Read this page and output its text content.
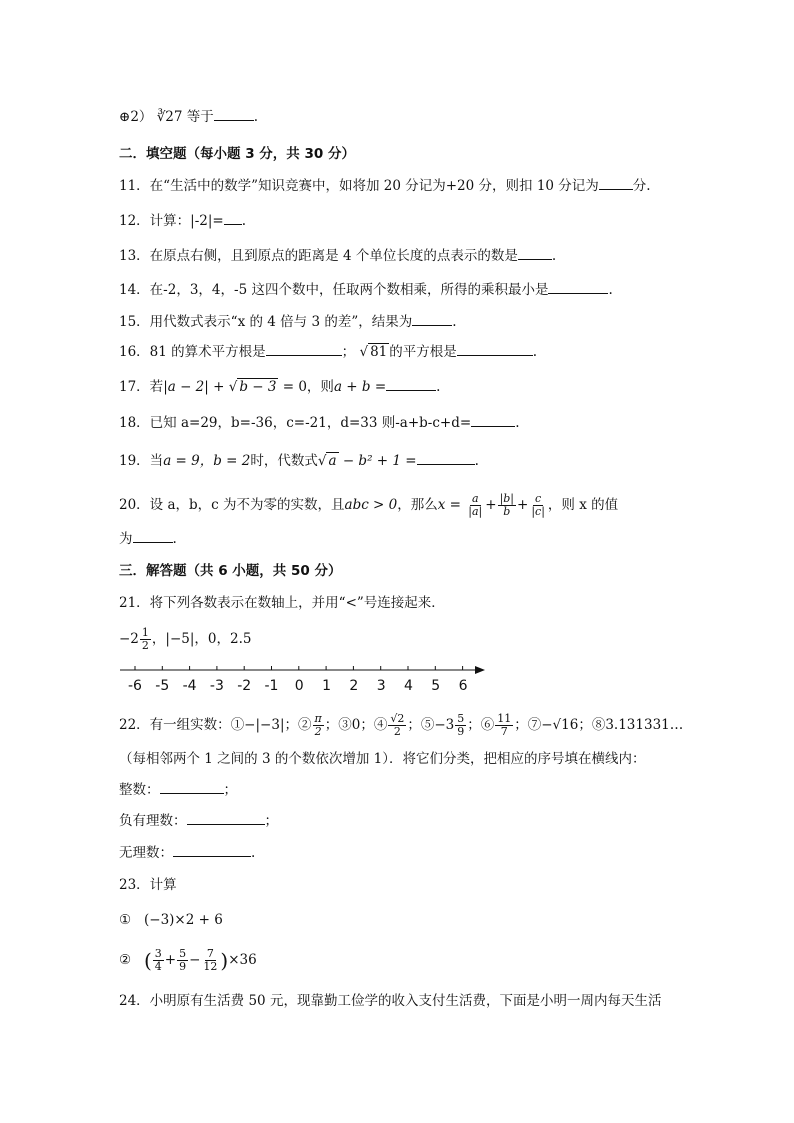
⊕2） ∛27 等于	.
二．填空题（每小题 3 分，共 30 分）
11．在“生活中的数学”知识竞赛中，如将加 20 分记为+20 分，则扣 10 分记为	分.
12．计算：|-2|= .
13．在原点右侧，且到原点的距离是 4 个单位长度的点表示的数是	.
14．在-2，3，4，-5 这四个数中，任取两个数相乘，所得的乘积最小是	.
15．用代数式表示“x 的 4 倍与 3 的差”，结果为	.
16．81 的算术平方根是	； √ 81 的平方根是	.
17．若|a − 2| + √ b − 3 = 0，则a + b =	.
18．已知 a=29，b=-36，c=-21，d=33 则-a+b-c+d=	.
19．当a = 9，b = 2时，代数式√ a − b² + 1 =	.
20．设 a，b，c 为不为零的实数，且abc > 0，那么$x = \frac{a}{|a|} + \frac{|b|}{b} + \frac{c}{|c|}$ ，则 x 的值
为	.
三．解答题（共 6 小题，共 50 分）
21．将下列各数表示在数轴上，并用“<”号连接起来．
$-2 \frac{1}{2}$ ，|−5|，0，2.5
-6 -5 -4 -3 -2 -1 0 1 2 3 4 5 6
22．有一组实数：①−|−3|；② $\frac{\pi}{2}$ ；③0；④ $\frac{√2}{2}$ ；⑤−3 $\frac{5}{9}$ ；⑥ $\frac{11}{7}$ ；⑦−√16；⑧3.131331…
（每相邻两个 1 之间的 3 的个数依次增加 1）．将它们分类，把相应的序号填在横线内：
整数：	；
负有理数：	；
无理数：	.
23．计算
① (−3)×2 + 6
② ( $\frac{3}{4} + \frac{5}{9} - \frac{7}{12} )\times 36$
24．小明原有生活费 50 元，现靠勤工俭学的收入支付生活费，下面是小明一周内每天生活
